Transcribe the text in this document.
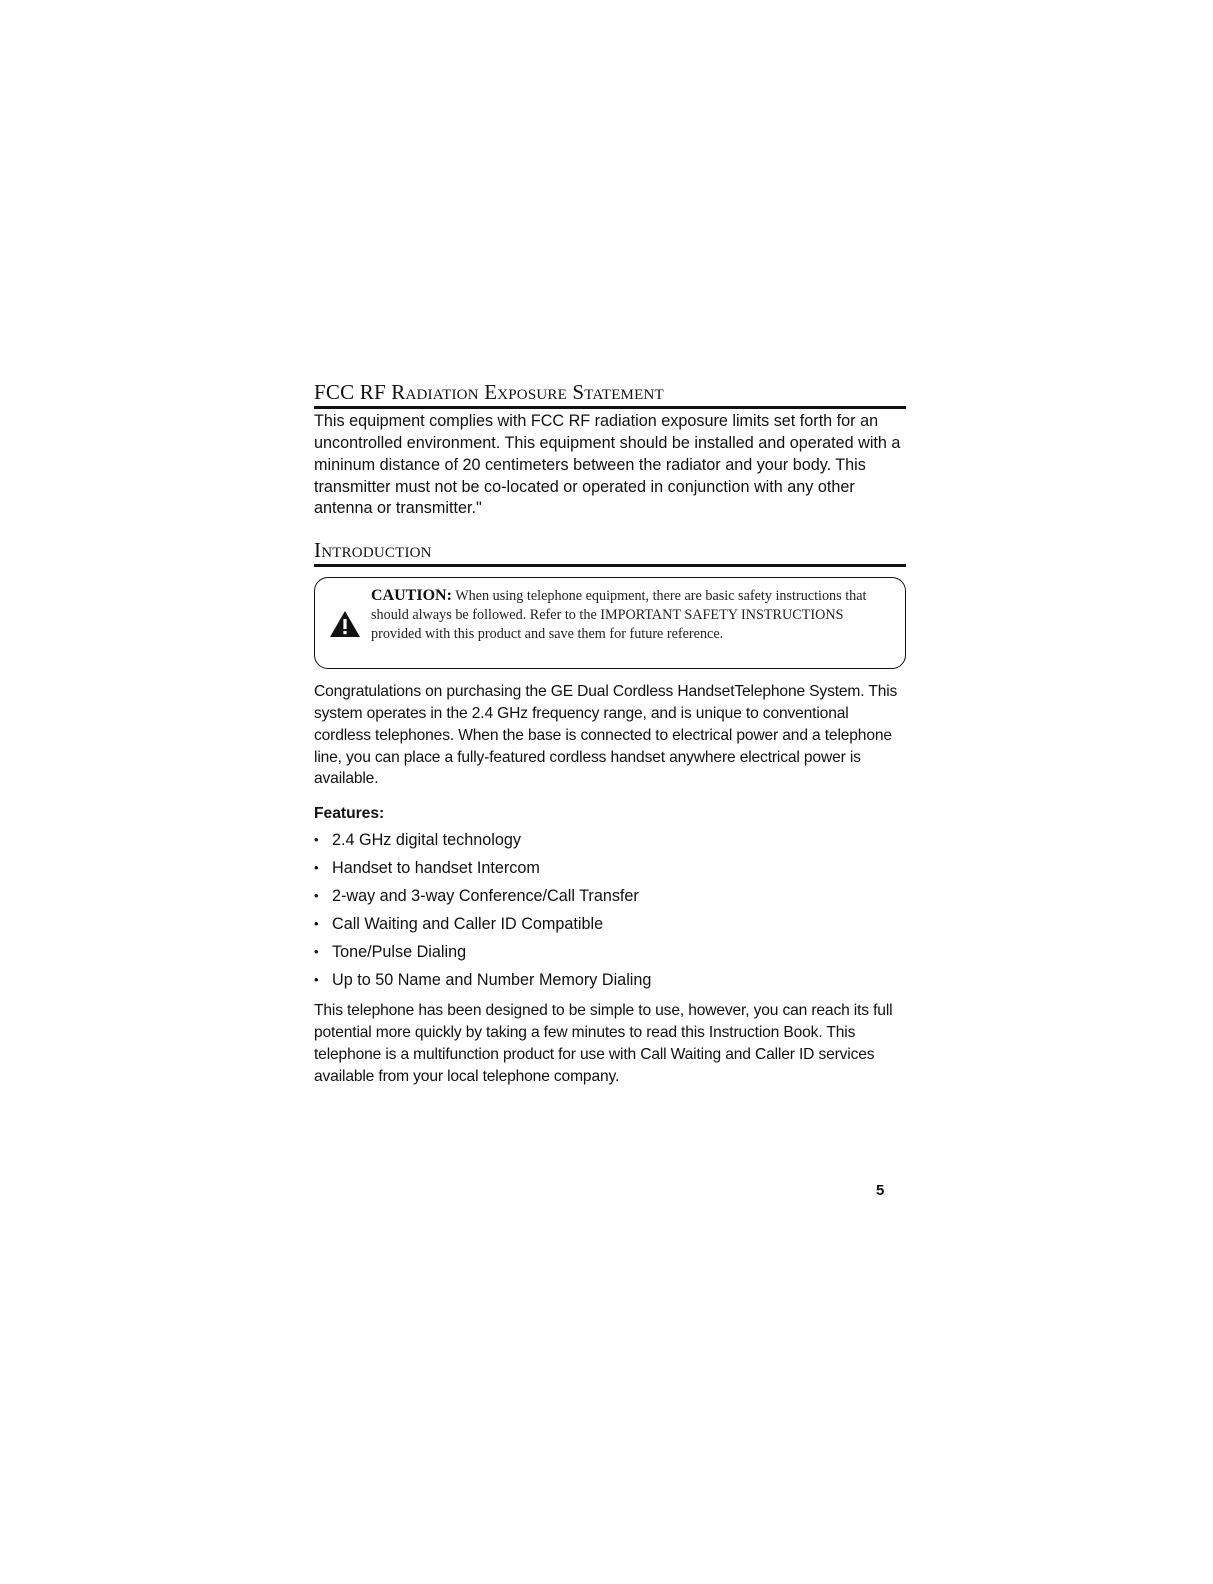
FCC RF Radiation Exposure Statement

This equipment complies with FCC RF radiation exposure limits set forth for an uncontrolled environment. This equipment should be installed and operated with a mininum distance of 20 centimeters between the radiator and your body. This transmitter must not be co-located or operated in conjunction with any other antenna or transmitter."

Introduction
CAUTION: When using telephone equipment, there are basic safety instructions that should always be followed. Refer to the IMPORTANT SAFETY INSTRUCTIONS provided with this product and save them for future reference.

Congratulations on purchasing the GE Dual Cordless HandsetTelephone System. This system operates in the 2.4 GHz frequency range, and is unique to conventional cordless telephones. When the base is connected to electrical power and a telephone line, you can place a fully-featured cordless handset anywhere electrical power is available.

Features:

• 2.4 GHz digital technology
• Handset to handset Intercom
• 2-way and 3-way Conference/Call Transfer
• Call Waiting and Caller ID Compatible
• Tone/Pulse Dialing
• Up to 50 Name and Number Memory Dialing

This telephone has been designed to be simple to use, however, you can reach its full potential more quickly by taking a few minutes to read this Instruction Book. This telephone is a multifunction product for use with Call Waiting and Caller ID services available from your local telephone company.

5
